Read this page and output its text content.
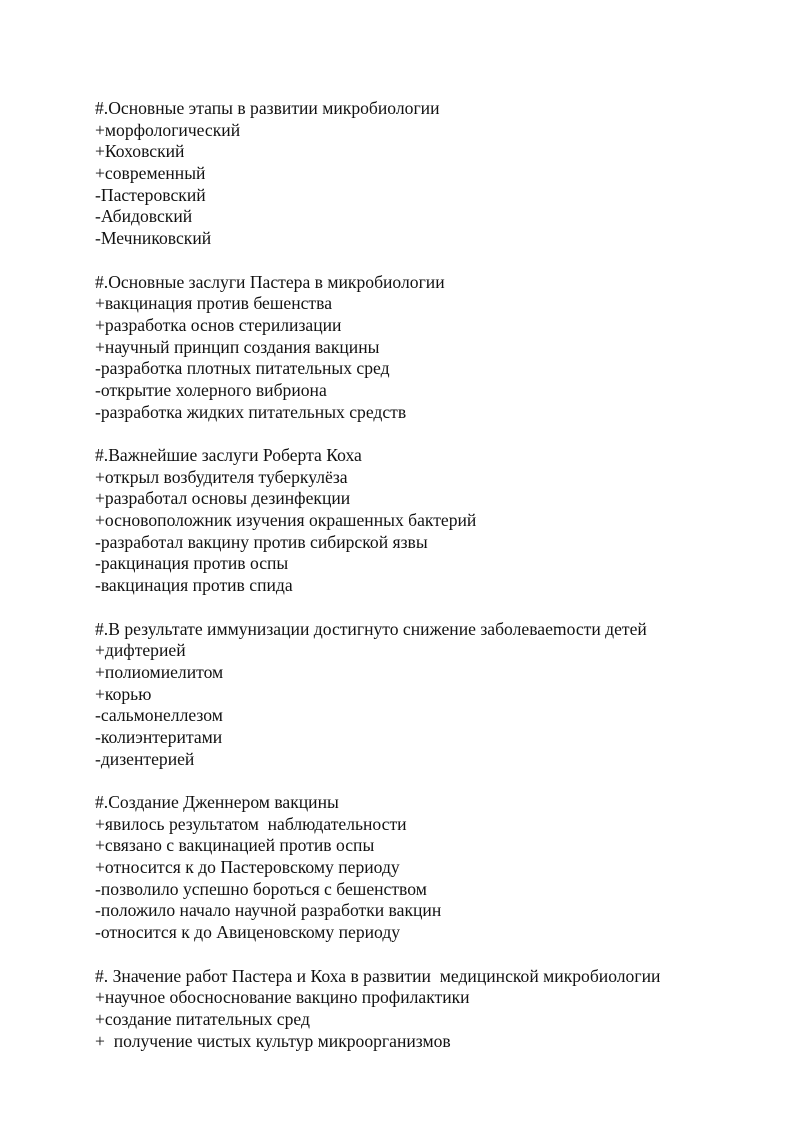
#.Основные этапы в развитии микробиологии
+морфологический
+Коховский
+современный
-Пастеровский
-Абидовский
-Мечниковский
#.Основные заслуги Пастера в микробиологии
+вакцинация против бешенства
+разработка основ стерилизации
+научный принцип создания вакцины
-разработка плотных питательных сред
-открытие холерного вибриона
-разработка жидких питательных средств
#.Важнейшие заслуги Роберта Коха
+открыл возбудителя туберкулёза
+разработал основы дезинфекции
+основоположник изучения окрашенных бактерий
-разработал вакцину против сибирской язвы
-ракцинация против оспы
-вакцинация против спида
#.В результате иммунизации достигнуто снижение заболеваеmости детей
+дифтерией
+полиомиелитом
+корью
-сальмонеллезом
-колиэнтеритами
-дизентерией
#.Создание Дженнером вакцины
+явилось результатом  наблюдательности
+связано с вакцинацией против оспы
+относится к до Пастеровскому периоду
-позволило успешно бороться с бешенством
-положило начало научной разработки вакцин
-относится к до Авиценовскому периоду
#. Значение работ Пастера и Коха в развитии  медицинской микробиологии
+научное обосноснование вакцино профилактики
+создание питательных сред
+  получение чистых культур микроорганизмов
